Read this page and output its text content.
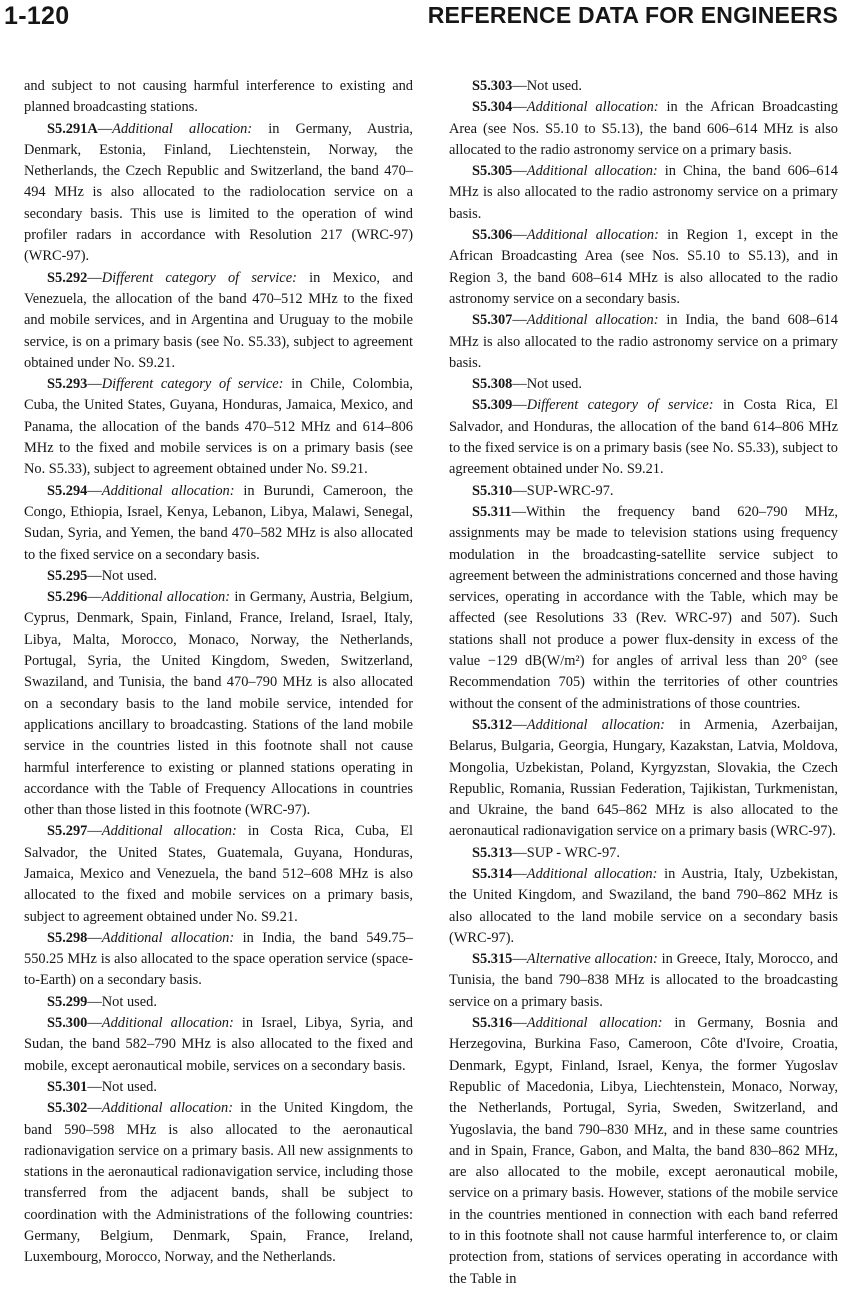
1-120	REFERENCE DATA FOR ENGINEERS

and subject to not causing harmful interference to existing and planned broadcasting stations.

S5.291A—Additional allocation: in Germany, Austria, Denmark, Estonia, Finland, Liechtenstein, Norway, the Netherlands, the Czech Republic and Switzerland, the band 470–494 MHz is also allocated to the radiolocation service on a secondary basis. This use is limited to the operation of wind profiler radars in accordance with Resolution 217 (WRC-97) (WRC-97).

S5.292—Different category of service: in Mexico, and Venezuela, the allocation of the band 470–512 MHz to the fixed and mobile services, and in Argentina and Uruguay to the mobile service, is on a primary basis (see No. S5.33), subject to agreement obtained under No. S9.21.

S5.293—Different category of service: in Chile, Colombia, Cuba, the United States, Guyana, Honduras, Jamaica, Mexico, and Panama, the allocation of the bands 470–512 MHz and 614–806 MHz to the fixed and mobile services is on a primary basis (see No. S5.33), subject to agreement obtained under No. S9.21.

S5.294—Additional allocation: in Burundi, Cameroon, the Congo, Ethiopia, Israel, Kenya, Lebanon, Libya, Malawi, Senegal, Sudan, Syria, and Yemen, the band 470–582 MHz is also allocated to the fixed service on a secondary basis.

S5.295—Not used.

S5.296—Additional allocation: in Germany, Austria, Belgium, Cyprus, Denmark, Spain, Finland, France, Ireland, Israel, Italy, Libya, Malta, Morocco, Monaco, Norway, the Netherlands, Portugal, Syria, the United Kingdom, Sweden, Switzerland, Swaziland, and Tunisia, the band 470–790 MHz is also allocated on a secondary basis to the land mobile service, intended for applications ancillary to broadcasting. Stations of the land mobile service in the countries listed in this footnote shall not cause harmful interference to existing or planned stations operating in accordance with the Table of Frequency Allocations in countries other than those listed in this footnote (WRC-97).

S5.297—Additional allocation: in Costa Rica, Cuba, El Salvador, the United States, Guatemala, Guyana, Honduras, Jamaica, Mexico and Venezuela, the band 512–608 MHz is also allocated to the fixed and mobile services on a primary basis, subject to agreement obtained under No. S9.21.

S5.298—Additional allocation: in India, the band 549.75–550.25 MHz is also allocated to the space operation service (space-to-Earth) on a secondary basis.

S5.299—Not used.

S5.300—Additional allocation: in Israel, Libya, Syria, and Sudan, the band 582–790 MHz is also allocated to the fixed and mobile, except aeronautical mobile, services on a secondary basis.

S5.301—Not used.

S5.302—Additional allocation: in the United Kingdom, the band 590–598 MHz is also allocated to the aeronautical radionavigation service on a primary basis. All new assignments to stations in the aeronautical radionavigation service, including those transferred from the adjacent bands, shall be subject to coordination with the Administrations of the following countries: Germany, Belgium, Denmark, Spain, France, Ireland, Luxembourg, Morocco, Norway, and the Netherlands.

S5.303—Not used.

S5.304—Additional allocation: in the African Broadcasting Area (see Nos. S5.10 to S5.13), the band 606–614 MHz is also allocated to the radio astronomy service on a primary basis.

S5.305—Additional allocation: in China, the band 606–614 MHz is also allocated to the radio astronomy service on a primary basis.

S5.306—Additional allocation: in Region 1, except in the African Broadcasting Area (see Nos. S5.10 to S5.13), and in Region 3, the band 608–614 MHz is also allocated to the radio astronomy service on a secondary basis.

S5.307—Additional allocation: in India, the band 608–614 MHz is also allocated to the radio astronomy service on a primary basis.

S5.308—Not used.

S5.309—Different category of service: in Costa Rica, El Salvador, and Honduras, the allocation of the band 614–806 MHz to the fixed service is on a primary basis (see No. S5.33), subject to agreement obtained under No. S9.21.

S5.310—SUP-WRC-97.

S5.311—Within the frequency band 620–790 MHz, assignments may be made to television stations using frequency modulation in the broadcasting-satellite service subject to agreement between the administrations concerned and those having services, operating in accordance with the Table, which may be affected (see Resolutions 33 (Rev. WRC-97) and 507). Such stations shall not produce a power flux-density in excess of the value −129 dB(W/m²) for angles of arrival less than 20° (see Recommendation 705) within the territories of other countries without the consent of the administrations of those countries.

S5.312—Additional allocation: in Armenia, Azerbaijan, Belarus, Bulgaria, Georgia, Hungary, Kazakstan, Latvia, Moldova, Mongolia, Uzbekistan, Poland, Kyrgyzstan, Slovakia, the Czech Republic, Romania, Russian Federation, Tajikistan, Turkmenistan, and Ukraine, the band 645–862 MHz is also allocated to the aeronautical radionavigation service on a primary basis (WRC-97).

S5.313—SUP - WRC-97.

S5.314—Additional allocation: in Austria, Italy, Uzbekistan, the United Kingdom, and Swaziland, the band 790–862 MHz is also allocated to the land mobile service on a secondary basis (WRC-97).

S5.315—Alternative allocation: in Greece, Italy, Morocco, and Tunisia, the band 790–838 MHz is allocated to the broadcasting service on a primary basis.

S5.316—Additional allocation: in Germany, Bosnia and Herzegovina, Burkina Faso, Cameroon, Côte d'Ivoire, Croatia, Denmark, Egypt, Finland, Israel, Kenya, the former Yugoslav Republic of Macedonia, Libya, Liechtenstein, Monaco, Norway, the Netherlands, Portugal, Syria, Sweden, Switzerland, and Yugoslavia, the band 790–830 MHz, and in these same countries and in Spain, France, Gabon, and Malta, the band 830–862 MHz, are also allocated to the mobile, except aeronautical mobile, service on a primary basis. However, stations of the mobile service in the countries mentioned in connection with each band referred to in this footnote shall not cause harmful interference to, or claim protection from, stations of services operating in accordance with the Table in
